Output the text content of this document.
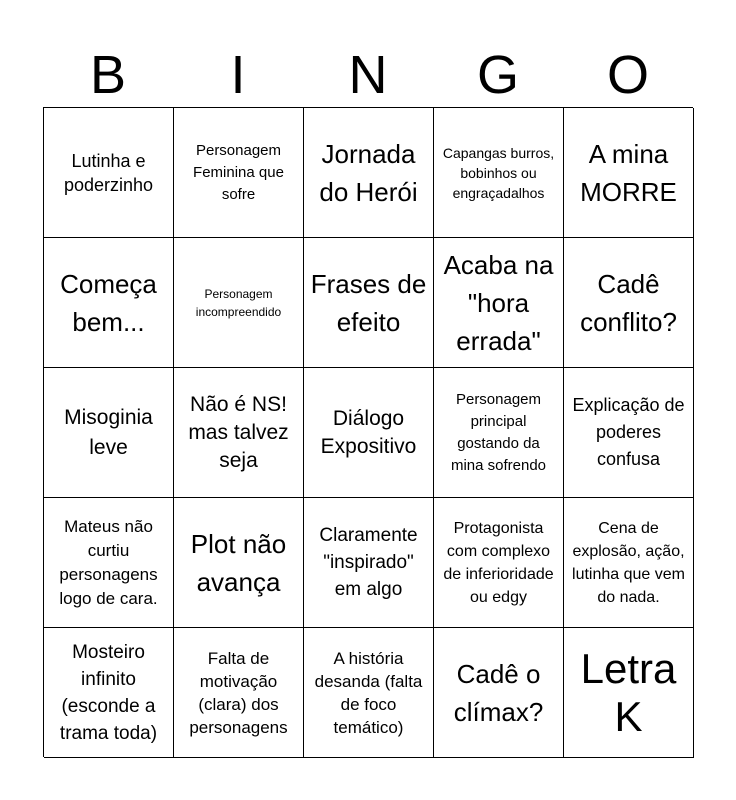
B	I	N	G	O
Lutinha e poderzinho
Personagem Feminina que sofre
Jornada do Herói
Capangas burros, bobinhos ou engraçadalhos
A mina MORRE
Começa bem...
Personagem incompreendido
Frases de efeito
Acaba na "hora errada"
Cadê conflito?
Misoginia leve
Não é NS! mas talvez seja
Diálogo Expositivo
Personagem principal gostando da mina sofrendo
Explicação de poderes confusa
Mateus não curtiu personagens logo de cara.
Plot não avança
Claramente "inspirado" em algo
Protagonista com complexo de inferioridade ou edgy
Cena de explosão, ação, lutinha que vem do nada.
Mosteiro infinito (esconde a trama toda)
Falta de motivação (clara) dos personagens
A história desanda (falta de foco temático)
Cadê o clímax?
Letra K
